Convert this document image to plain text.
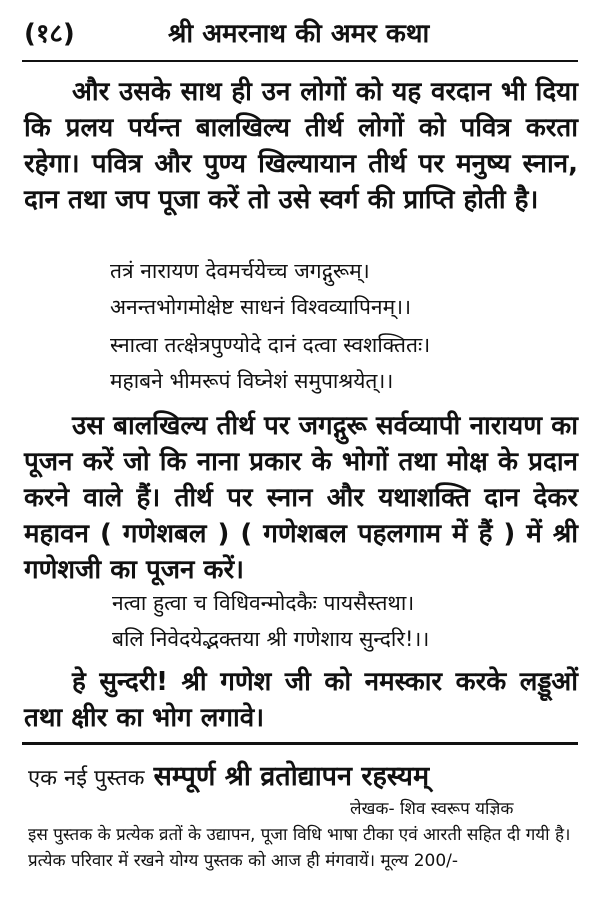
(१८)	श्री अमरनाथ की अमर कथा
और उसके साथ ही उन लोगों को यह वरदान भी दिया कि प्रलय पर्यन्त बालखिल्य तीर्थ लोगों को पवित्र करता रहेगा। पवित्र और पुण्य खिल्यायान तीर्थ पर मनुष्य स्नान, दान तथा जप पूजा करें तो उसे स्वर्ग की प्राप्ति होती है।
तत्रं नारायण देवमर्चयेच्च जगद्गुरूम्।
अनन्तभोगमोक्षेष्ट साधनं विश्वव्यापिनम्।।
स्नात्वा तत्क्षेत्रपुण्योदे दानं दत्वा स्वशक्तितः।
महाबने भीमरूपं विघ्नेशं समुपाश्रयेत्।।
उस बालखिल्य तीर्थ पर जगद्गुरू सर्वव्यापी नारायण का पूजन करें जो कि नाना प्रकार के भोगों तथा मोक्ष के प्रदान करने वाले हैं। तीर्थ पर स्नान और यथाशक्ति दान देकर महावन ( गणेशबल ) ( गणेशबल पहलगाम में हैं ) में श्री गणेशजी का पूजन करें।
नत्वा हुत्वा च विधिवन्मोदकैः पायसैस्तथा।
बलि निवेदयेद्भक्तया श्री गणेशाय सुन्दरि!।।
हे सुन्दरी! श्री गणेश जी को नमस्कार करके लड्डूओं तथा क्षीर का भोग लगावे।
एक नई पुस्तक सम्पूर्ण श्री व्रतोद्यापन रहस्यम्
लेखक- शिव स्वरूप यज्ञिक
इस पुस्तक के प्रत्येक व्रतों के उद्यापन, पूजा विधि भाषा टीका एवं आरती सहित दी गयी है। प्रत्येक परिवार में रखने योग्य पुस्तक को आज ही मंगवायें। मूल्य 200/-
